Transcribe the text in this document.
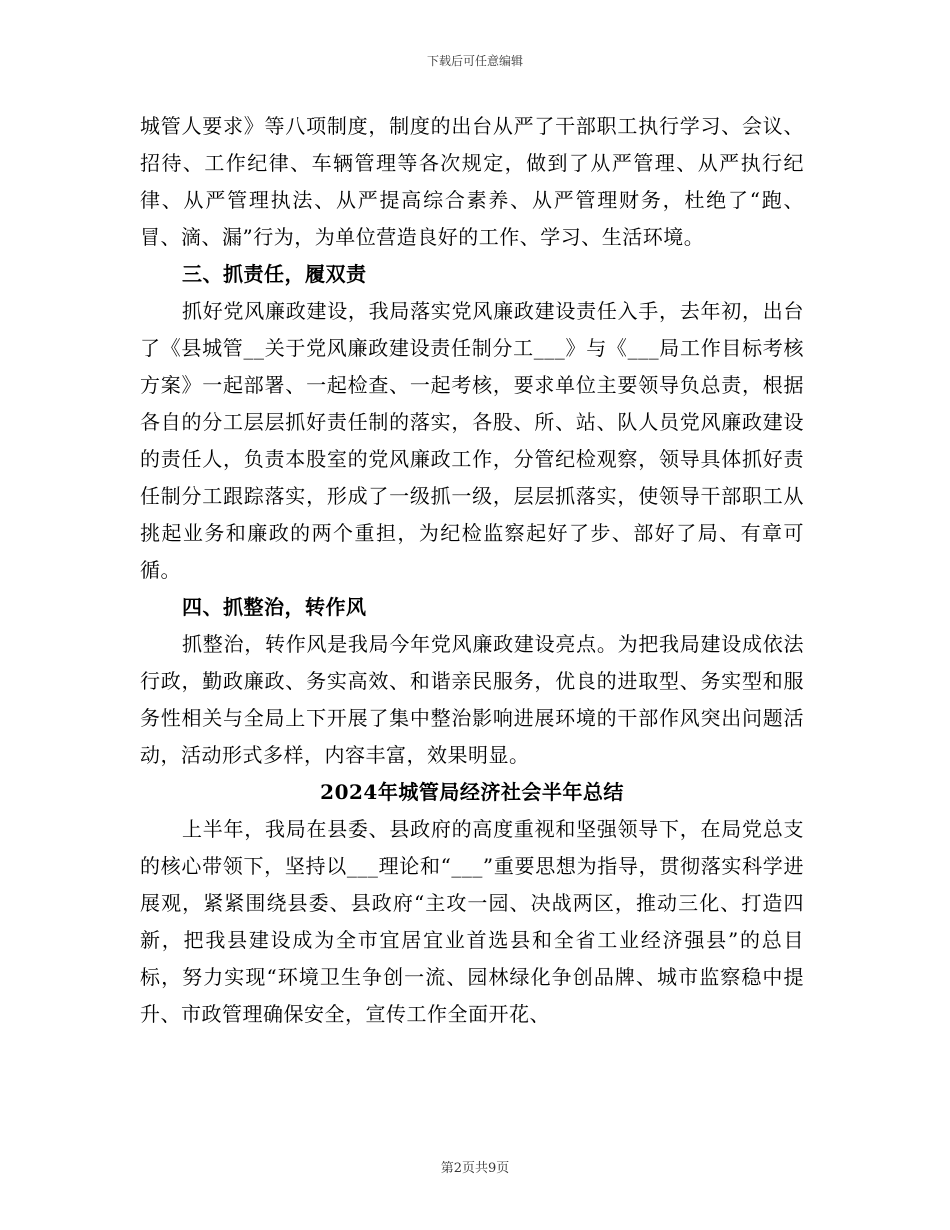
下载后可任意编辑

城管人要求》等八项制度，制度的出台从严了干部职工执行学习、会议、招待、工作纪律、车辆管理等各次规定，做到了从严管理、从严执行纪律、从严管理执法、从严提高综合素养、从严管理财务，杜绝了“跑、冒、滴、漏”行为，为单位营造良好的工作、学习、生活环境。

三、抓责任，履双责

抓好党风廉政建设，我局落实党风廉政建设责任入手，去年初，出台了《县城管__关于党风廉政建设责任制分工___》与《___局工作目标考核方案》一起部署、一起检查、一起考核，要求单位主要领导负总责，根据各自的分工层层抓好责任制的落实，各股、所、站、队人员党风廉政建设的责任人，负责本股室的党风廉政工作，分管纪检观察，领导具体抓好责任制分工跟踪落实，形成了一级抓一级，层层抓落实，使领导干部职工从挑起业务和廉政的两个重担，为纪检监察起好了步、部好了局、有章可循。

四、抓整治，转作风

抓整治，转作风是我局今年党风廉政建设亮点。为把我局建设成依法行政，勤政廉政、务实高效、和谐亲民服务，优良的进取型、务实型和服务性相关与全局上下开展了集中整治影响进展环境的干部作风突出问题活动，活动形式多样，内容丰富，效果明显。

2024年城管局经济社会半年总结

上半年，我局在县委、县政府的高度重视和坚强领导下，在局党总支的核心带领下，坚持以___理论和“___”重要思想为指导，贯彻落实科学进展观，紧紧围绕县委、县政府“主攻一园、决战两区，推动三化、打造四新，把我县建设成为全市宜居宜业首选县和全省工业经济强县”的总目标，努力实现“环境卫生争创一流、园林绿化争创品牌、城市监察稳中提升、市政管理确保安全，宣传工作全面开花、

第2页共9页
